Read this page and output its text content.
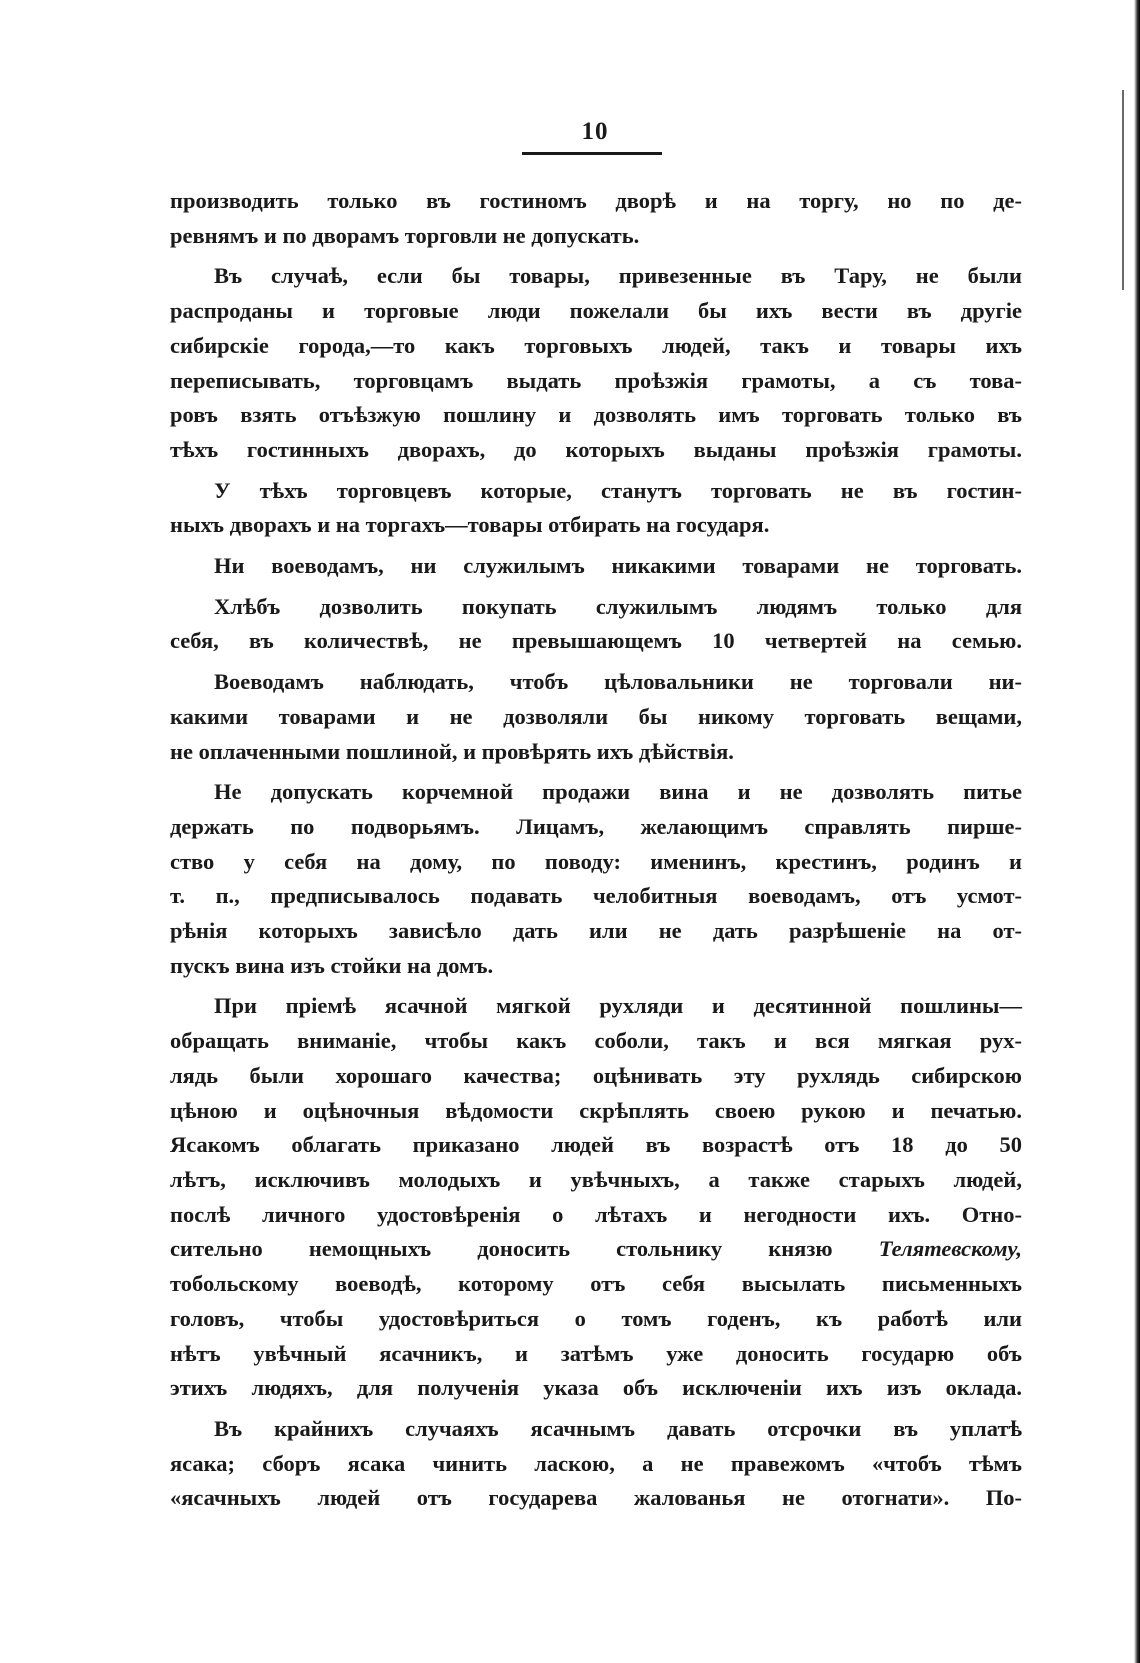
10

производить только въ гостиномъ дворѣ и на торгу, но по де-
ревнямъ и по дворамъ торговли не допускать.

Въ случаѣ, если бы товары, привезенные въ Тару, не были
распроданы и торговые люди пожелали бы ихъ вести въ другіе
сибирскіе города,—то какъ торговыхъ людей, такъ и товары ихъ
переписывать, торговцамъ выдать проѣзжія грамоты, а съ това-
ровъ взять отъѣзжую пошлину и дозволять имъ торговать только въ
тѣхъ гостинныхъ дворахъ, до которыхъ выданы проѣзжія грамоты.

У тѣхъ торговцевъ которые, станутъ торговать не въ гостин-
ныхъ дворахъ и на торгахъ—товары отбирать на государя.

Ни воеводамъ, ни служилымъ никакими товарами не торговать.

Хлѣбъ дозволить покупать служилымъ людямъ только для
себя, въ количествѣ, не превышающемъ 10 четвертей на семью.

Воеводамъ наблюдать, чтобъ цѣловальники не торговали ни-
какими товарами и не дозволяли бы никому торговать вещами,
не оплаченными пошлиной, и провѣрять ихъ дѣйствія.

Не допускать корчемной продажи вина и не дозволять питье
держать по подворьямъ. Лицамъ, желающимъ справлять пирше-
ство у себя на дому, по поводу: именинъ, крестинъ, родинъ и
т. п., предписывалось подавать челобитныя воеводамъ, отъ усмот-
рѣнія которыхъ зависѣло дать или не дать разрѣшеніе на от-
пускъ вина изъ стойки на домъ.

При пріемѣ ясачной мягкой рухляди и десятинной пошлины—
обращать вниманіе, чтобы какъ соболи, такъ и вся мягкая рух-
лядь были хорошаго качества; оцѣнивать эту рухлядь сибирскою
цѣною и оцѣночныя вѣдомости скрѣплять своею рукою и печатью.
Ясакомъ облагать приказано людей въ возрастѣ отъ 18 до 50
лѣтъ, исключивъ молодыхъ и увѣчныхъ, а также старыхъ людей,
послѣ личного удостовѣренія о лѣтахъ и негодности ихъ. Отно-
сительно немощныхъ доносить стольнику князю Телятевскому,
тобольскому воеводѣ, которому отъ себя высылать письменныхъ
головъ, чтобы удостовѣриться о томъ годенъ, къ работѣ или
нѣтъ увѣчный ясачникъ, и затѣмъ уже доносить государю объ
этихъ людяхъ, для полученія указа объ исключеніи ихъ изъ оклада.

Въ крайнихъ случаяхъ ясачнымъ давать отсрочки въ уплатѣ
ясака; сборъ ясака чинить ласкою, а не правежомъ «чтобъ тѣмъ
«ясачныхъ людей отъ государева жалованья не отогнати». По-
